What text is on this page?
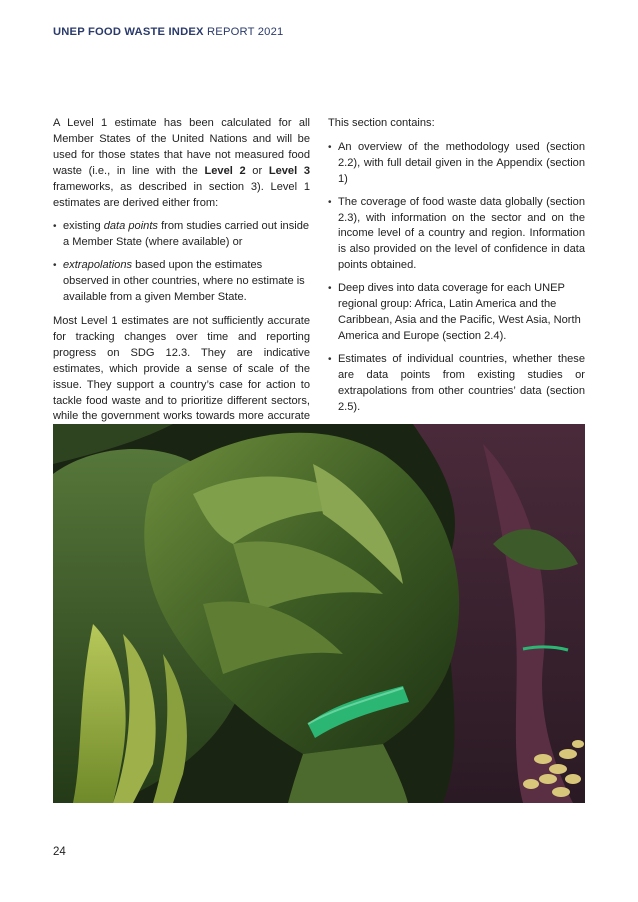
UNEP FOOD WASTE INDEX REPORT 2021

A Level 1 estimate has been calculated for all Member States of the United Nations and will be used for those states that have not measured food waste (i.e., in line with the Level 2 or Level 3 frameworks, as described in section 3). Level 1 estimates are derived either from:

• existing data points from studies carried out inside a Member State (where available) or
• extrapolations based upon the estimates observed in other countries, where no estimate is available from a given Member State.

Most Level 1 estimates are not sufficiently accurate for tracking changes over time and reporting progress on SDG 12.3. They are indicative estimates, which provide a sense of scale of the issue. They support a country’s case for action to tackle food waste and to prioritize different sectors, while the government works towards more accurate

This section contains:

• An overview of the methodology used (section 2.2), with full detail given in the Appendix (section 1)
• The coverage of food waste data globally (section 2.3), with information on the sector and on the income level of a country and region. Information is also provided on the level of confidence in data points obtained.
• Deep dives into data coverage for each UNEP regional group: Africa, Latin America and the Caribbean, Asia and the Pacific, West Asia, North America and Europe (section 2.4).
• Estimates of individual countries, whether these are data points from existing studies or extrapolations from other countries’ data (section 2.5).
•
24
